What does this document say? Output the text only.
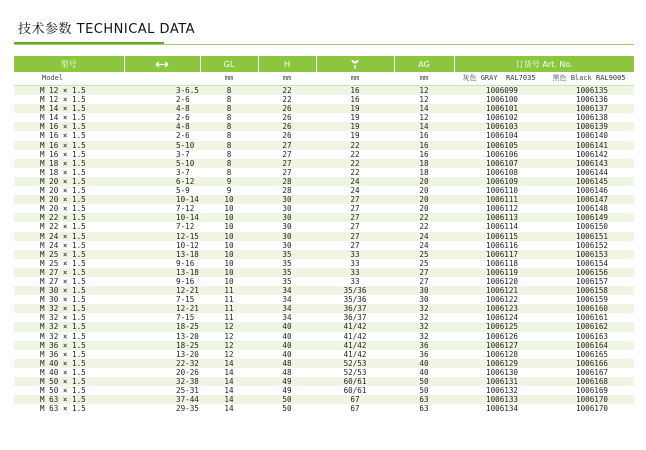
技术参数 TECHNICAL DATA
型号		GL	H		AG	订货号 Art. No.	
Model		mm	mm	mm	mm	灰色 GRAY RAL7035	黑色 Black RAL9005
M 12 × 1.5	3-6.5	8	22	16	12	1006099	1006135
M 12 × 1.5	2-6	8	22	16	12	1006100	1006136
M 14 × 1.5	4-8	8	26	19	14	1006101	1006137
M 14 × 1.5	2-6	8	26	19	12	1006102	1006138
M 16 × 1.5	4-8	8	26	19	14	1006103	1006139
M 16 × 1.5	2-6	8	26	19	16	1006104	1006140
M 16 × 1.5	5-10	8	27	22	16	1006105	1006141
M 16 × 1.5	3-7	8	27	22	16	1006106	1006142
M 18 × 1.5	5-10	8	27	22	18	1006107	1006143
M 18 × 1.5	3-7	8	27	22	18	1006108	1006144
M 20 × 1.5	6-12	9	28	24	20	1006109	1006145
M 20 × 1.5	5-9	9	28	24	20	1006110	1006146
M 20 × 1.5	10-14	10	30	27	20	1006111	1006147
M 20 × 1.5	7-12	10	30	27	20	1006112	1006148
M 22 × 1.5	10-14	10	30	27	22	1006113	1006149
M 22 × 1.5	7-12	10	30	27	22	1006114	1006150
M 24 × 1.5	12-15	10	30	27	24	1006115	1006151
M 24 × 1.5	10-12	10	30	27	24	1006116	1006152
M 25 × 1.5	13-18	10	35	33	25	1006117	1006153
M 25 × 1.5	9-16	10	35	33	25	1006118	1006154
M 27 × 1.5	13-18	10	35	33	27	1006119	1006156
M 27 × 1.5	9-16	10	35	33	27	1006120	1006157
M 30 × 1.5	12-21	11	34	35/36	30	1006121	1006158
M 30 × 1.5	7-15	11	34	35/36	30	1006122	1006159
M 32 × 1.5	12-21	11	34	36/37	32	1006123	1006160
M 32 × 1.5	7-15	11	34	36/37	32	1006124	1006161
M 32 × 1.5	18-25	12	40	41/42	32	1006125	1006162
M 32 × 1.5	13-20	12	40	41/42	32	1006126	1006163
M 36 × 1.5	18-25	12	40	41/42	36	1006127	1006164
M 36 × 1.5	13-20	12	40	41/42	36	1006128	1006165
M 40 × 1.5	22-32	14	48	52/53	40	1006129	1006166
M 40 × 1.5	20-26	14	48	52/53	40	1006130	1006167
M 50 × 1.5	32-38	14	49	60/61	50	1006131	1006168
M 50 × 1.5	25-31	14	49	60/61	50	1006132	1006169
M 63 × 1.5	37-44	14	50	67	63	1006133	1006170
M 63 × 1.5	29-35	14	50	67	63	1006134	1006170
